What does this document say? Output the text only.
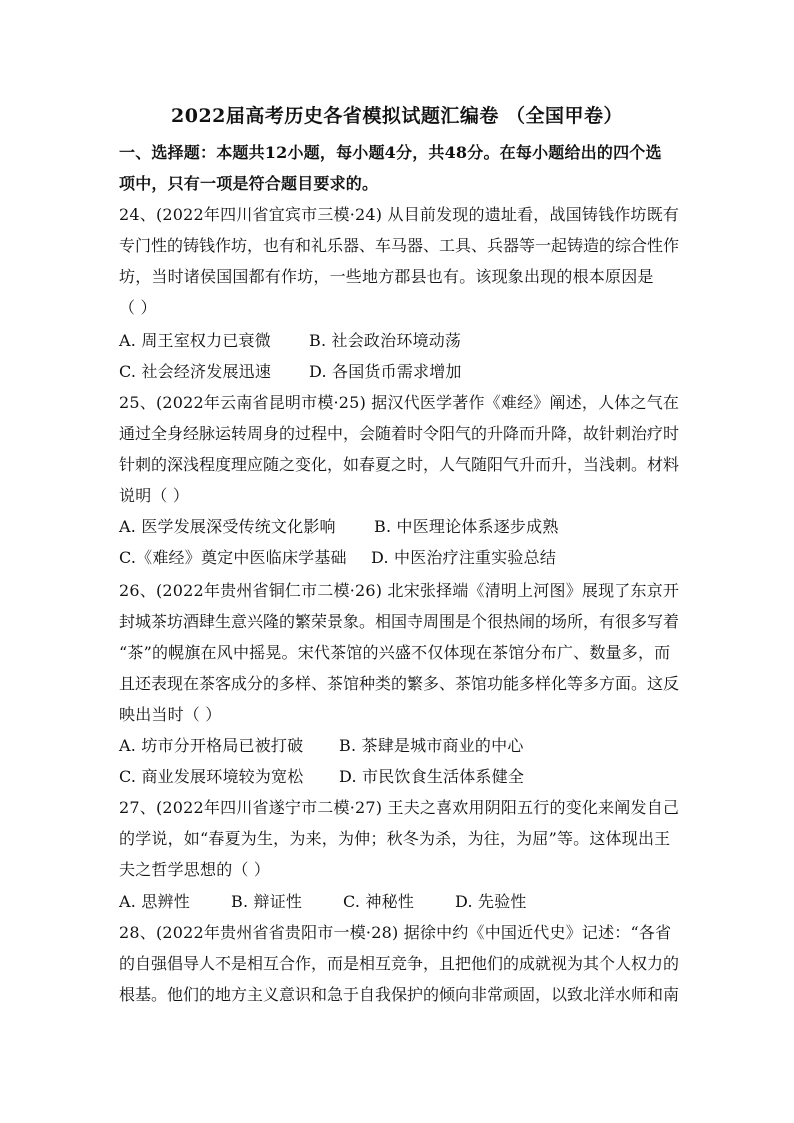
2022届高考历史各省模拟试题汇编卷 （全国甲卷）
一、选择题：本题共12小题，每小题4分，共48分。在每小题给出的四个选
项中，只有一项是符合题目要求的。
24、(2022年四川省宜宾市三模·24) 从目前发现的遗址看，战国铸钱作坊既有
专门性的铸钱作坊，也有和礼乐器、车马器、工具、兵器等一起铸造的综合性作
坊，当时诸侯国国都有作坊，一些地方郡县也有。该现象出现的根本原因是
（ ）
A. 周王室权力已衰微 B. 社会政治环境动荡
C. 社会经济发展迅速 D. 各国货币需求增加
25、(2022年云南省昆明市模·25) 据汉代医学著作《难经》阐述，人体之气在
通过全身经脉运转周身的过程中，会随着时令阳气的升降而升降，故针刺治疗时
针刺的深浅程度理应随之变化，如春夏之时，人气随阳气升而升，当浅刺。材料
说明（ ）
A. 医学发展深受传统文化影响 B. 中医理论体系逐步成熟
C.《难经》奠定中医临床学基础 D. 中医治疗注重实验总结
26、(2022年贵州省铜仁市二模·26) 北宋张择端《清明上河图》展现了东京开
封城茶坊酒肆生意兴隆的繁荣景象。相国寺周围是个很热闹的场所，有很多写着
“茶”的幌旗在风中摇晃。宋代茶馆的兴盛不仅体现在茶馆分布广、数量多，而
且还表现在茶客成分的多样、茶馆种类的繁多、茶馆功能多样化等多方面。这反
映出当时（ ）
A. 坊市分开格局已被打破 B. 茶肆是城市商业的中心
C. 商业发展环境较为宽松 D. 市民饮食生活体系健全
27、(2022年四川省遂宁市二模·27) 王夫之喜欢用阴阳五行的变化来阐发自己
的学说，如“春夏为生，为来，为伸；秋冬为杀，为往，为屈”等。这体现出王
夫之哲学思想的（ ）
A. 思辨性	B. 辩证性	C. 神秘性	D. 先验性
28、(2022年贵州省省贵阳市一模·28) 据徐中约《中国近代史》记述：“各省
的自强倡导人不是相互合作，而是相互竞争，且把他们的成就视为其个人权力的
根基。他们的地方主义意识和急于自我保护的倾向非常顽固，以致北洋水师和南
